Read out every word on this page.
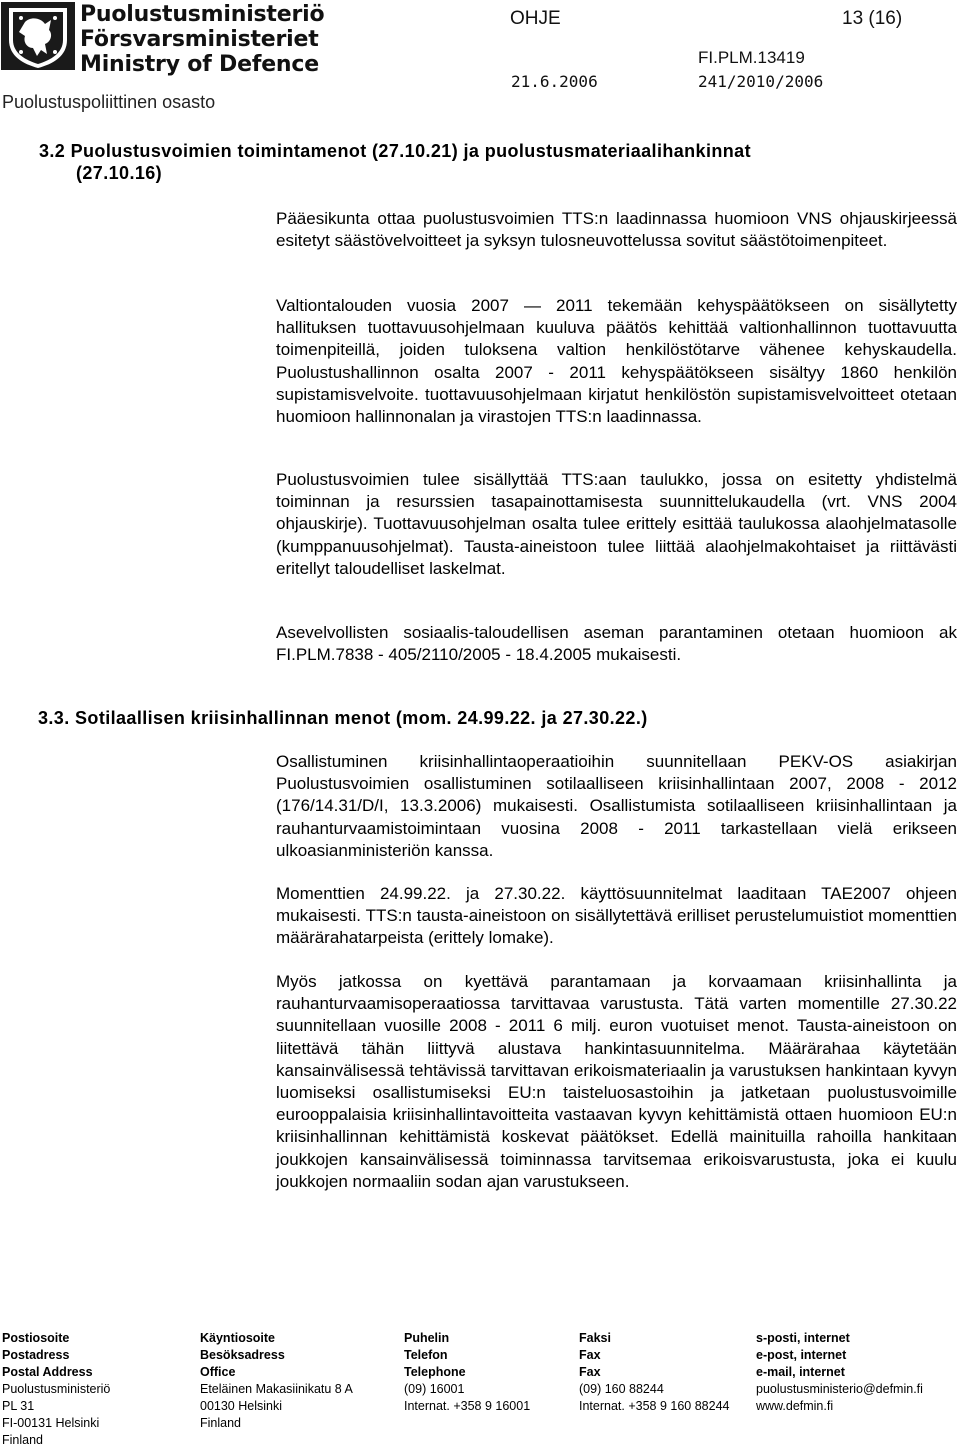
Puolustusministeriö
Försvarsministeriet
Ministry of Defence
Puolustuspoliittinen osasto
OHJE	13 (16)
FI.PLM.13419
21.6.2006	241/2010/2006
3.2 Puolustusvoimien toimintamenot (27.10.21) ja puolustusmateriaalihankinnat
(27.10.16)

Pääesikunta ottaa puolustusvoimien TTS:n laadinnassa huomioon VNS ohjauskirjeessä esitetyt säästövelvoitteet ja syksyn tulosneuvottelussa sovitut säästötoimenpiteet.

Valtiontalouden vuosia 2007 — 2011 tekemään kehyspäätökseen on sisällytetty hallituksen tuottavuusohjelmaan kuuluva päätös kehittää valtionhallinnon tuottavuutta toimenpiteillä, joiden tuloksena valtion henkilöstötarve vähenee kehyskaudella. Puolustushallinnon osalta 2007 - 2011 kehyspäätökseen sisältyy 1860 henkilön supistamisvelvoite. tuottavuusohjelmaan kirjatut henkilöstön supistamisvelvoitteet otetaan huomioon hallinnonalan ja virastojen TTS:n laadinnassa.

Puolustusvoimien tulee sisällyttää TTS:aan taulukko, jossa on esitetty yhdistelmä toiminnan ja resurssien tasapainottamisesta suunnittelukaudella (vrt. VNS 2004 ohjauskirje). Tuottavuusohjelman osalta tulee erittely esittää taulukossa alaohjelmatasolle (kumppanuusohjelmat). Tausta-aineistoon tulee liittää alaohjelmakohtaiset ja riittävästi eritellyt taloudelliset laskelmat.

Asevelvollisten sosiaalis-taloudellisen aseman parantaminen otetaan huomioon ak FI.PLM.7838 - 405/2110/2005 - 18.4.2005 mukaisesti.

3.3. Sotilaallisen kriisinhallinnan menot (mom. 24.99.22. ja 27.30.22.)

Osallistuminen kriisinhallintaoperaatioihin suunnitellaan PEKV-OS asiakirjan Puolustusvoimien osallistuminen sotilaalliseen kriisinhallintaan 2007, 2008 - 2012 (176/14.31/D/I, 13.3.2006) mukaisesti. Osallistumista sotilaalliseen kriisinhallintaan ja rauhanturvaamistoimintaan vuosina 2008 - 2011 tarkastellaan vielä erikseen ulkoasianministeriön kanssa.

Momenttien 24.99.22. ja 27.30.22. käyttösuunnitelmat laaditaan TAE2007 ohjeen mukaisesti. TTS:n tausta-aineistoon on sisällytettävä erilliset perustelumuistiot momenttien määrärahatarpeista (erittely lomake).

Myös jatkossa on kyettävä parantamaan ja korvaamaan kriisinhallinta ja rauhanturvaamisoperaatiossa tarvittavaa varustusta. Tätä varten momentille 27.30.22 suunnitellaan vuosille 2008 - 2011 6 milj. euron vuotuiset menot. Tausta-aineistoon on liitettävä tähän liittyvä alustava hankintasuunnitelma. Määrärahaa käytetään kansainvälisessä tehtävissä tarvittavan erikoismateriaalin ja varustuksen hankintaan kyvyn luomiseksi osallistumiseksi EU:n taisteluosastoihin ja jatketaan puolustusvoimille eurooppalaisia kriisinhallintavoitteita vastaavan kyvyn kehittämistä ottaen huomioon EU:n kriisinhallinnan kehittämistä koskevat päätökset. Edellä mainituilla rahoilla hankitaan joukkojen kansainvälisessä toiminnassa tarvitsemaa erikoisvarustusta, joka ei kuulu joukkojen normaaliin sodan ajan varustukseen.

Postiosoite
Postadress
Postal Address
Puolustusministeriö
PL 31
FI-00131 Helsinki
Finland
Käyntiosoite
Besöksadress
Office
Eteläinen Makasiinikatu 8 A
00130 Helsinki
Finland
Puhelin
Telefon
Telephone
(09) 16001
Internat. +358 9 16001
Faksi
Fax
Fax
(09) 160 88244
Internat. +358 9 160 88244
s-posti, internet
e-post, internet
e-mail, internet
puolustusministerio@defmin.fi
www.defmin.fi
